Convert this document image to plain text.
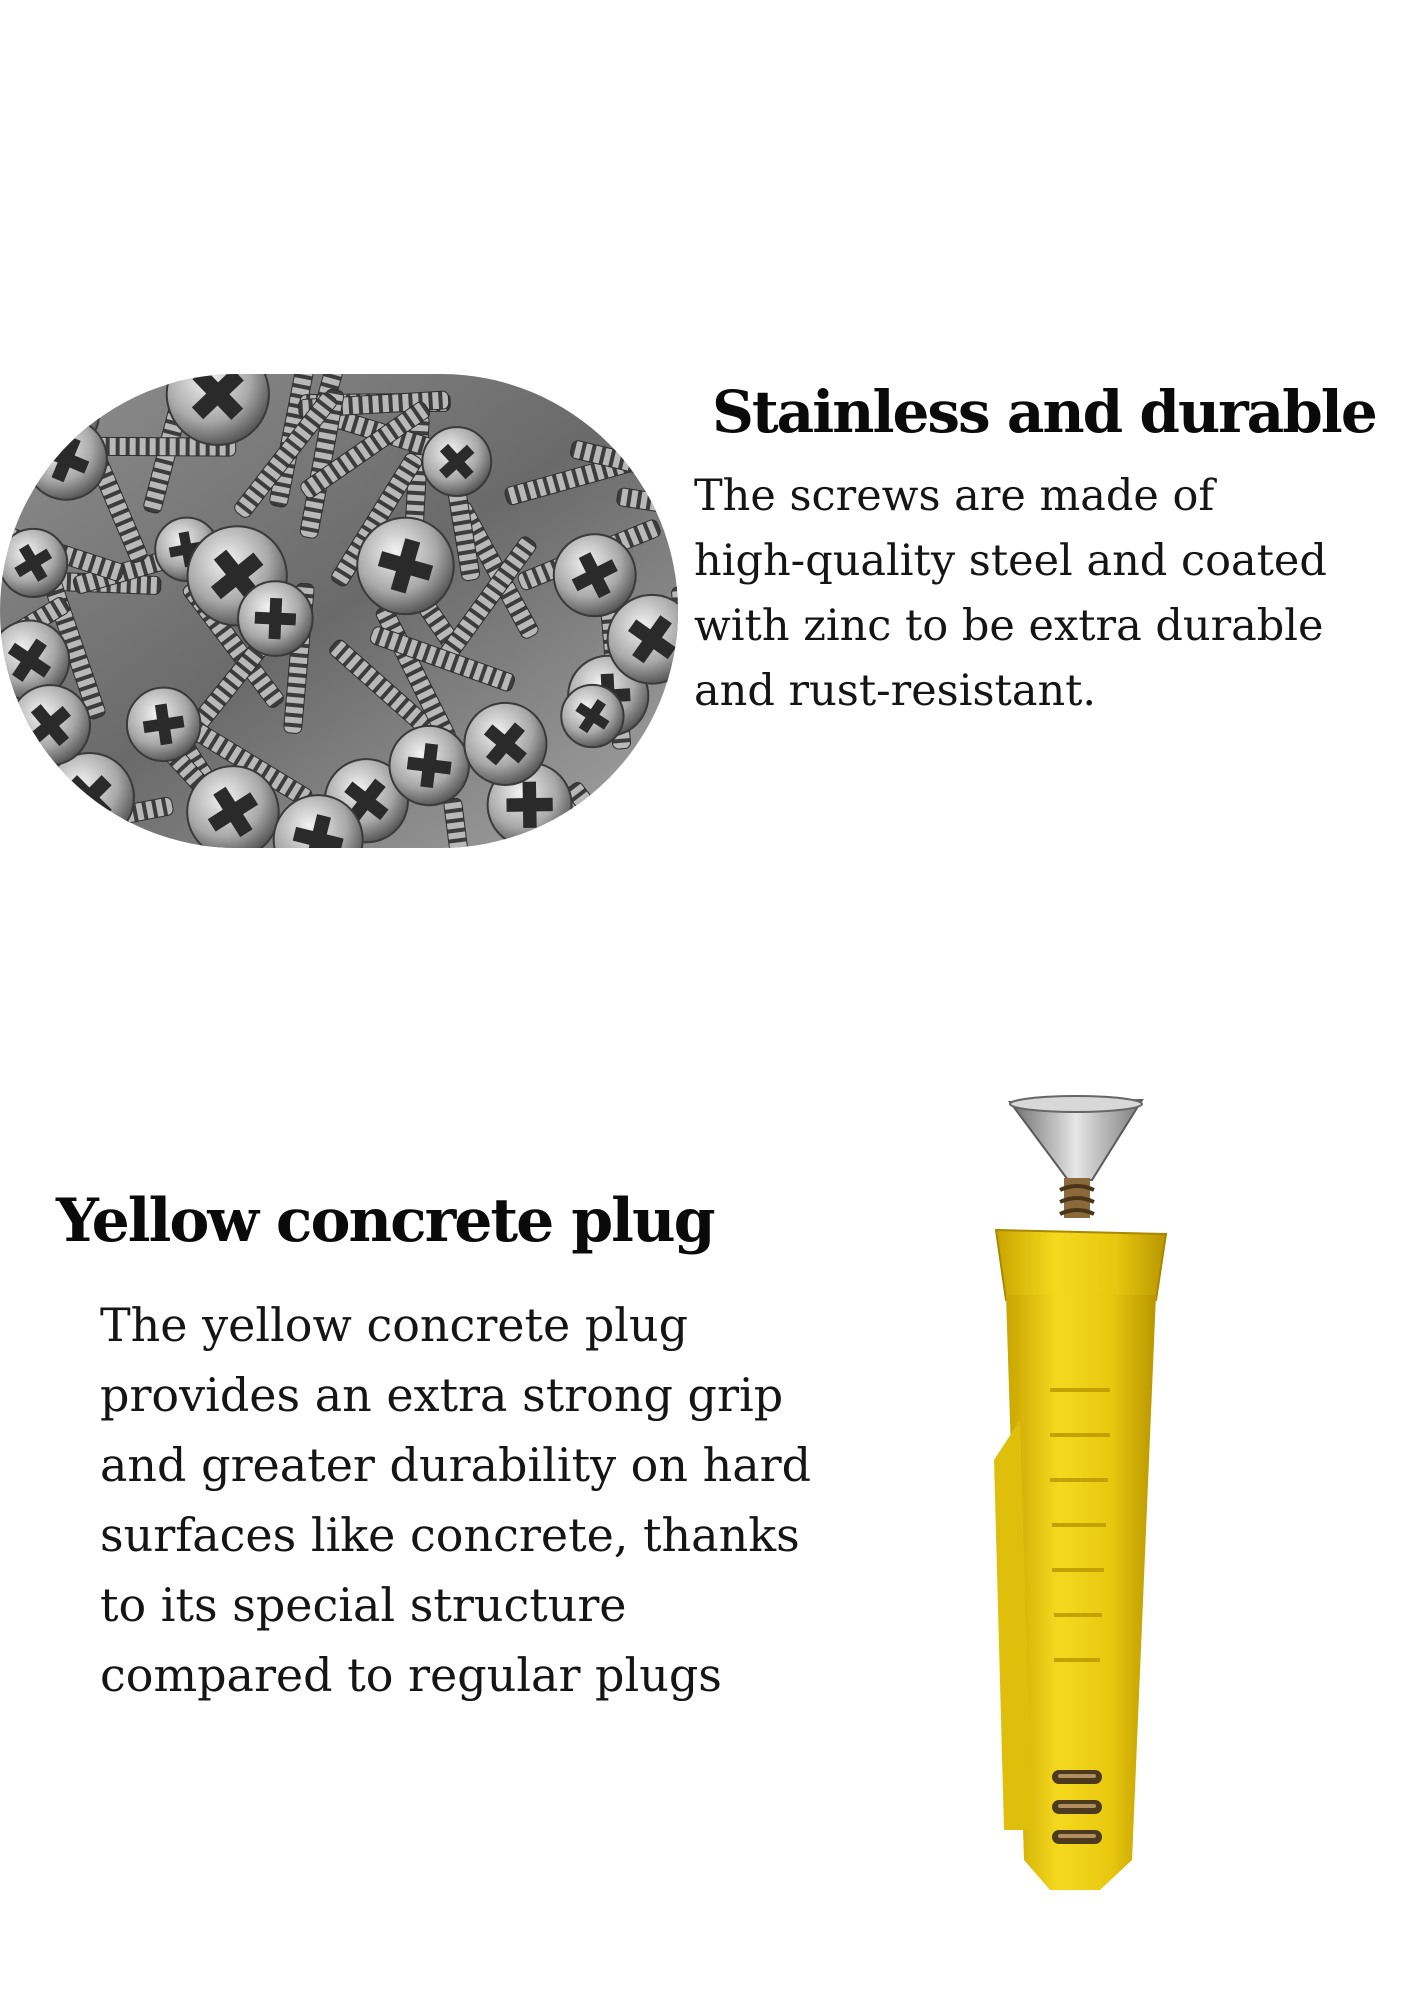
Stainless and durable
The screws are made of
high-quality steel and coated
with zinc to be extra durable
and rust-resistant.
Yellow concrete plug
The yellow concrete plug
provides an extra strong grip
and greater durability on hard
surfaces like concrete, thanks
to its special structure
compared to regular plugs
